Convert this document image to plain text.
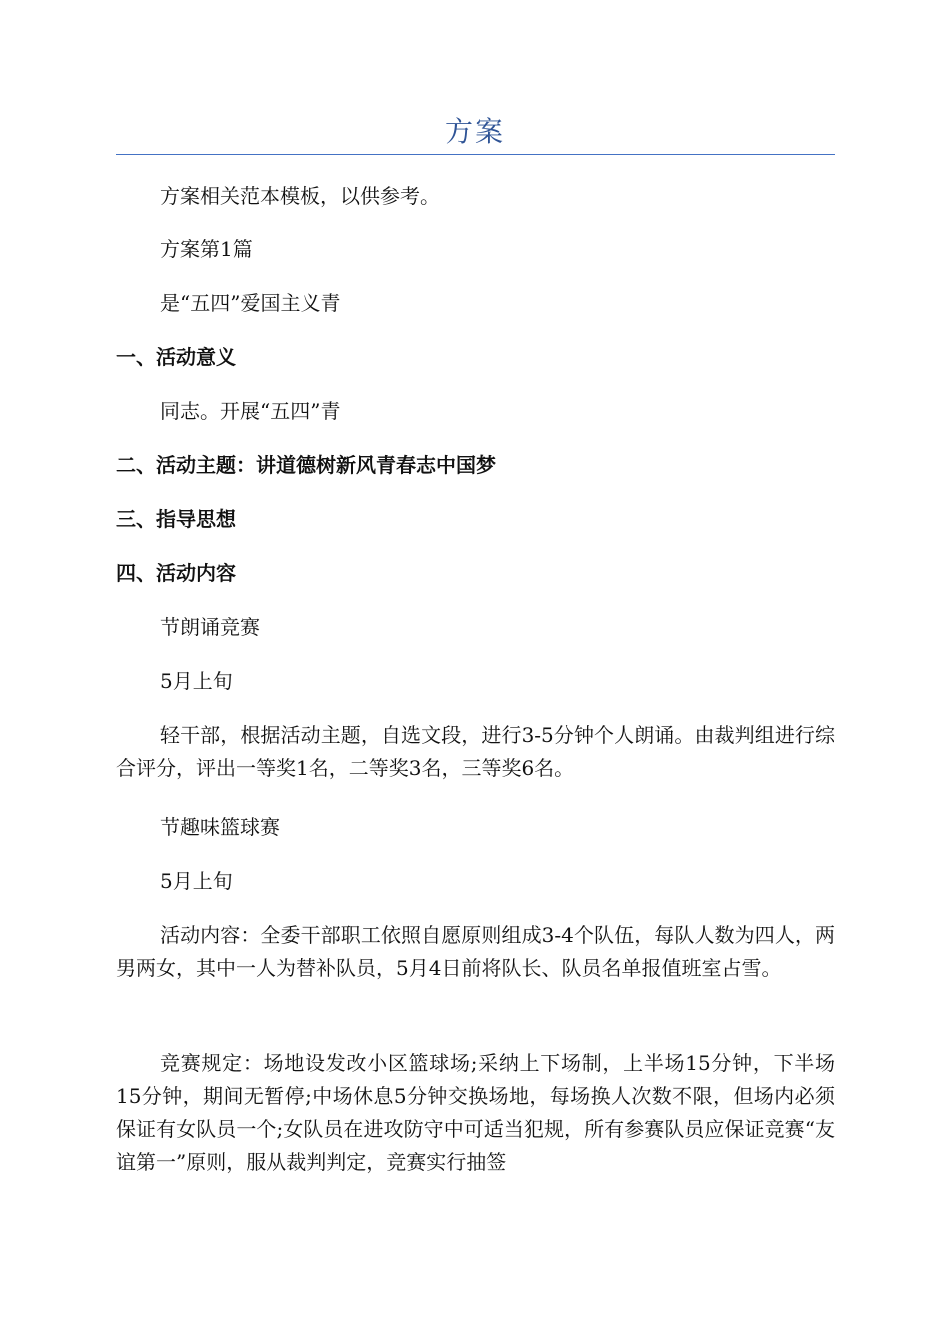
方案

方案相关范本模板，以供参考。

方案第1篇

是“五四”爱国主义青

一、活动意义

同志。开展“五四”青

二、活动主题：讲道德树新风青春志中国梦

三、指导思想

四、活动内容

节朗诵竞赛

5月上旬

轻干部，根据活动主题，自选文段，进行3-5分钟个人朗诵。由裁判组进行综合评分，评出一等奖1名，二等奖3名，三等奖6名。

节趣味篮球赛

5月上旬

活动内容：全委干部职工依照自愿原则组成3-4个队伍，每队人数为四人，两男两女，其中一人为替补队员，5月4日前将队长、队员名单报值班室占雪。

竞赛规定：场地设发改小区篮球场;采纳上下场制，上半场15分钟，下半场15分钟，期间无暂停;中场休息5分钟交换场地，每场换人次数不限，但场内必须保证有女队员一个;女队员在进攻防守中可适当犯规，所有参赛队员应保证竞赛“友谊第一”原则，服从裁判判定，竞赛实行抽签
